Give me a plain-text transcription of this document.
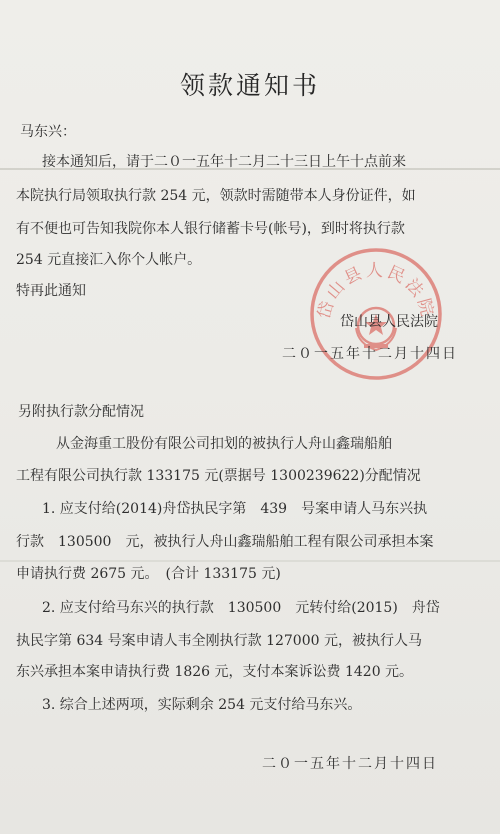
领款通知书
马东兴：
接本通知后，请于二０一五年十二月二十三日上午十点前来
本院执行局领取执行款 254 元，领款时需随带本人身份证件，如
有不便也可告知我院你本人银行储蓄卡号(帐号)，到时将执行款
254 元直接汇入你个人帐户。
特再此通知
岱山县人民法院
岱山县人民法院
二０一五年十二月十四日
另附执行款分配情况
从金海重工股份有限公司扣划的被执行人舟山鑫瑞船舶
工程有限公司执行款 133175 元(票据号 1300239622)分配情况
1. 应支付给(2014)舟岱执民字第　439　号案申请人马东兴执
行款　130500　元，被执行人舟山鑫瑞船舶工程有限公司承担本案
申请执行费 2675 元。　(合计 133175 元)
2. 应支付给马东兴的执行款　130500　元转付给(2015)　舟岱
执民字第 634 号案申请人韦全刚执行款 127000 元，被执行人马
东兴承担本案申请执行费 1826 元，支付本案诉讼费 1420 元。
3. 综合上述两项，实际剩余 254 元支付给马东兴。
二０一五年十二月十四日
